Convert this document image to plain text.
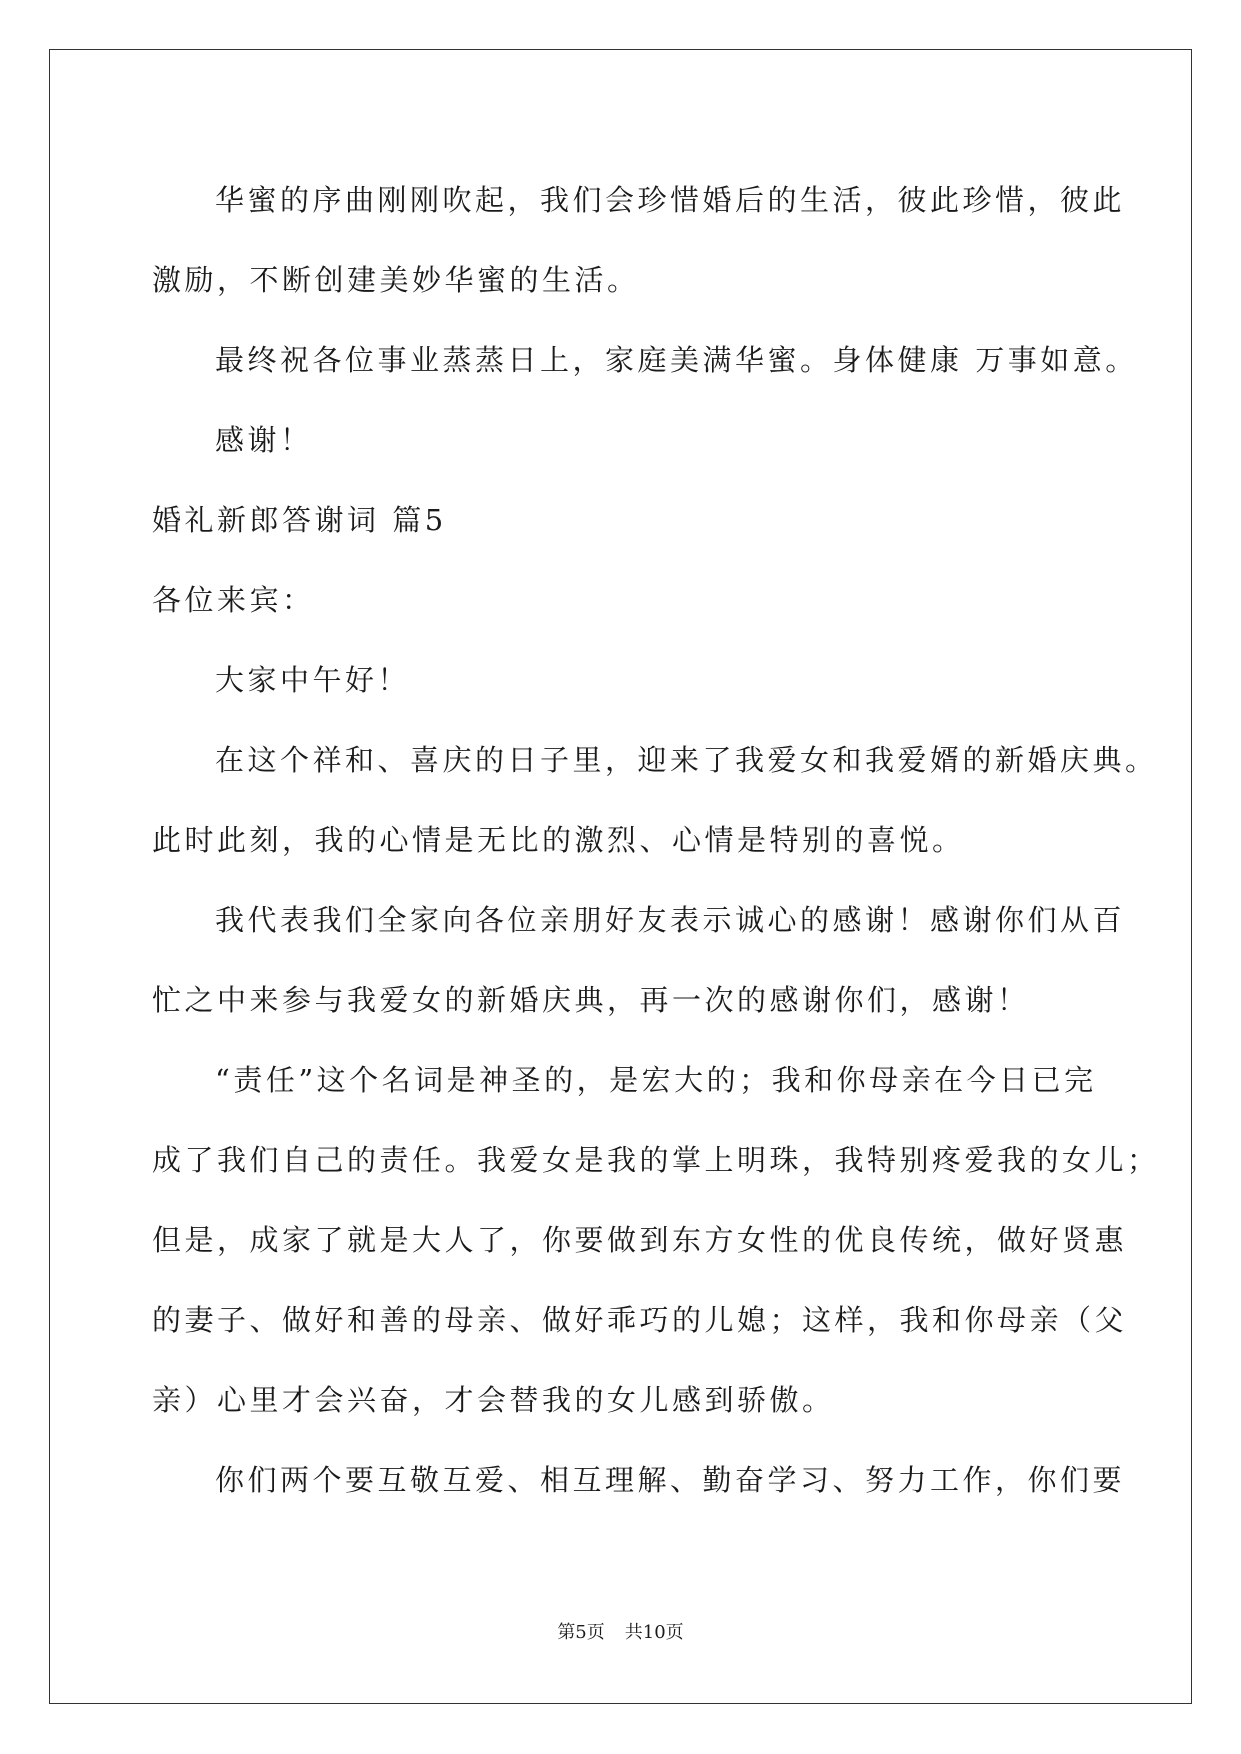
华蜜的序曲刚刚吹起，我们会珍惜婚后的生活，彼此珍惜，彼此
激励，不断创建美妙华蜜的生活。
最终祝各位事业蒸蒸日上，家庭美满华蜜。身体健康 万事如意。
感谢！
婚礼新郎答谢词 篇5
各位来宾：
大家中午好！
在这个祥和、喜庆的日子里，迎来了我爱女和我爱婿的新婚庆典。
此时此刻，我的心情是无比的激烈、心情是特别的喜悦。
我代表我们全家向各位亲朋好友表示诚心的感谢！感谢你们从百
忙之中来参与我爱女的新婚庆典，再一次的感谢你们，感谢！
“责任”这个名词是神圣的，是宏大的；我和你母亲在今日已完
成了我们自己的责任。我爱女是我的掌上明珠，我特别疼爱我的女儿；
但是，成家了就是大人了，你要做到东方女性的优良传统，做好贤惠
的妻子、做好和善的母亲、做好乖巧的儿媳；这样，我和你母亲（父
亲）心里才会兴奋，才会替我的女儿感到骄傲。
你们两个要互敬互爱、相互理解、勤奋学习、努力工作，你们要
第5页 共10页
